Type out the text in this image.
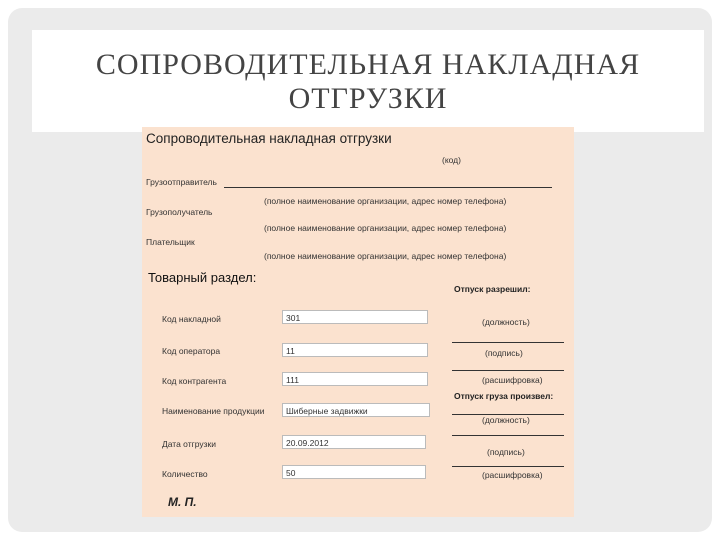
СОПРОВОДИТЕЛЬНАЯ НАКЛАДНАЯ
ОТГРУЗКИ
Сопроводительная накладная отгрузки
(код)
Грузоотправитель
(полное наименование организации, адрес номер телефона)
Грузополучатель
(полное наименование организации, адрес номер телефона)
Плательщик
(полное наименование организации, адрес номер телефона)
Товарный раздел:
Отпуск разрешил:
Код накладной	301	(должность)
Код оператора	11	(подпись)
Код контрагента	111	(расшифровка)
Отпуск груза произвел:
Наименование продукции	Шиберные задвижки
(должность)
Дата отгрузки	20.09.2012
(подпись)
Количество	50	(расшифровка)
М. П.
